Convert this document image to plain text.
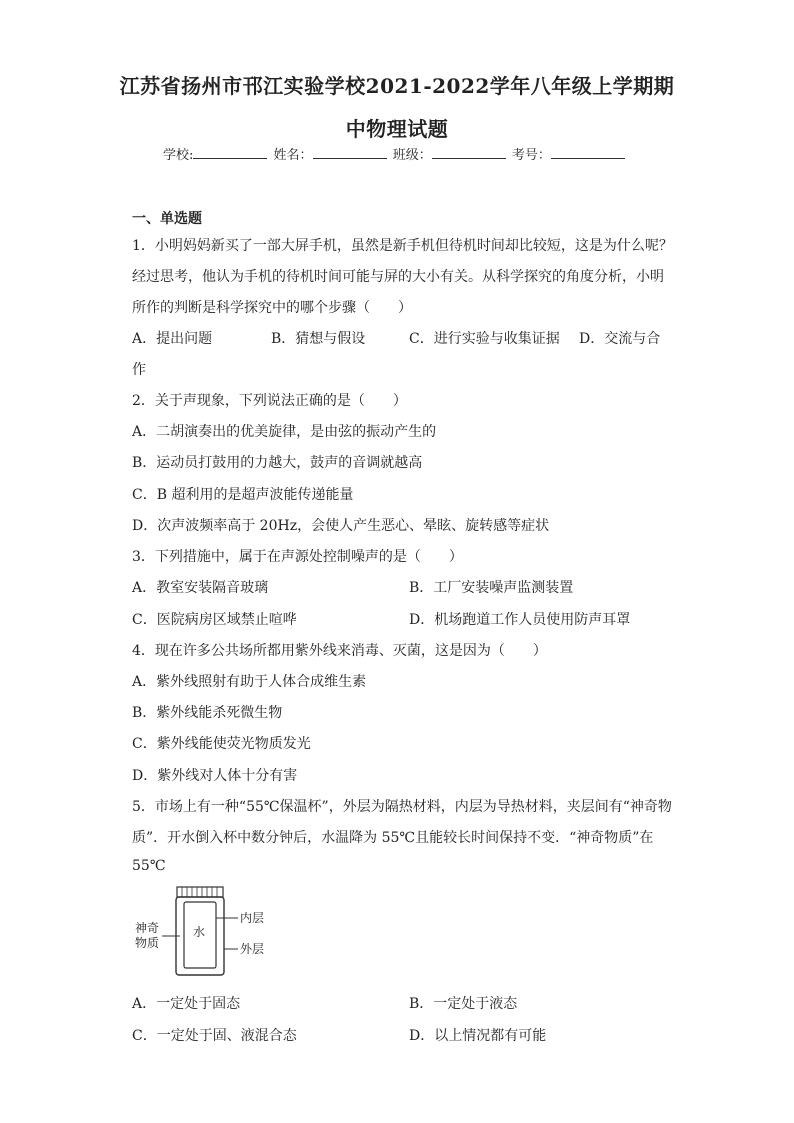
江苏省扬州市邗江实验学校2021-2022学年八年级上学期期
中物理试题
学校:	姓名：	班级：	考号：
一、单选题
1．小明妈妈新买了一部大屏手机，虽然是新手机但待机时间却比较短，这是为什么呢？
经过思考，他认为手机的待机时间可能与屏的大小有关。从科学探究的角度分析，小明
所作的判断是科学探究中的哪个步骤（　　）
A．提出问题	B．猜想与假设	C．进行实验与收集证据 D．交流与合
作
2．关于声现象，下列说法正确的是（　　）
A．二胡演奏出的优美旋律，是由弦的振动产生的
B．运动员打鼓用的力越大，鼓声的音调就越高
C．B 超利用的是超声波能传递能量
D．次声波频率高于 20Hz，会使人产生恶心、晕眩、旋转感等症状
3．下列措施中，属于在声源处控制噪声的是（　　）
A．教室安装隔音玻璃	B．工厂安装噪声监测装置
C．医院病房区域禁止喧哗	D．机场跑道工作人员使用防声耳罩
4．现在许多公共场所都用紫外线来消毒、灭菌，这是因为（　　）
A．紫外线照射有助于人体合成维生素
B．紫外线能杀死微生物
C．紫外线能使荧光物质发光
D．紫外线对人体十分有害
5．市场上有一种“55℃保温杯”，外层为隔热材料，内层为导热材料，夹层间有“神奇物
质”．开水倒入杯中数分钟后，水温降为 55℃且能较长时间保持不变．“神奇物质”在
55℃
水
神奇
物质
内层
外层
A．一定处于固态	B．一定处于液态
C．一定处于固、液混合态	D．以上情况都有可能
